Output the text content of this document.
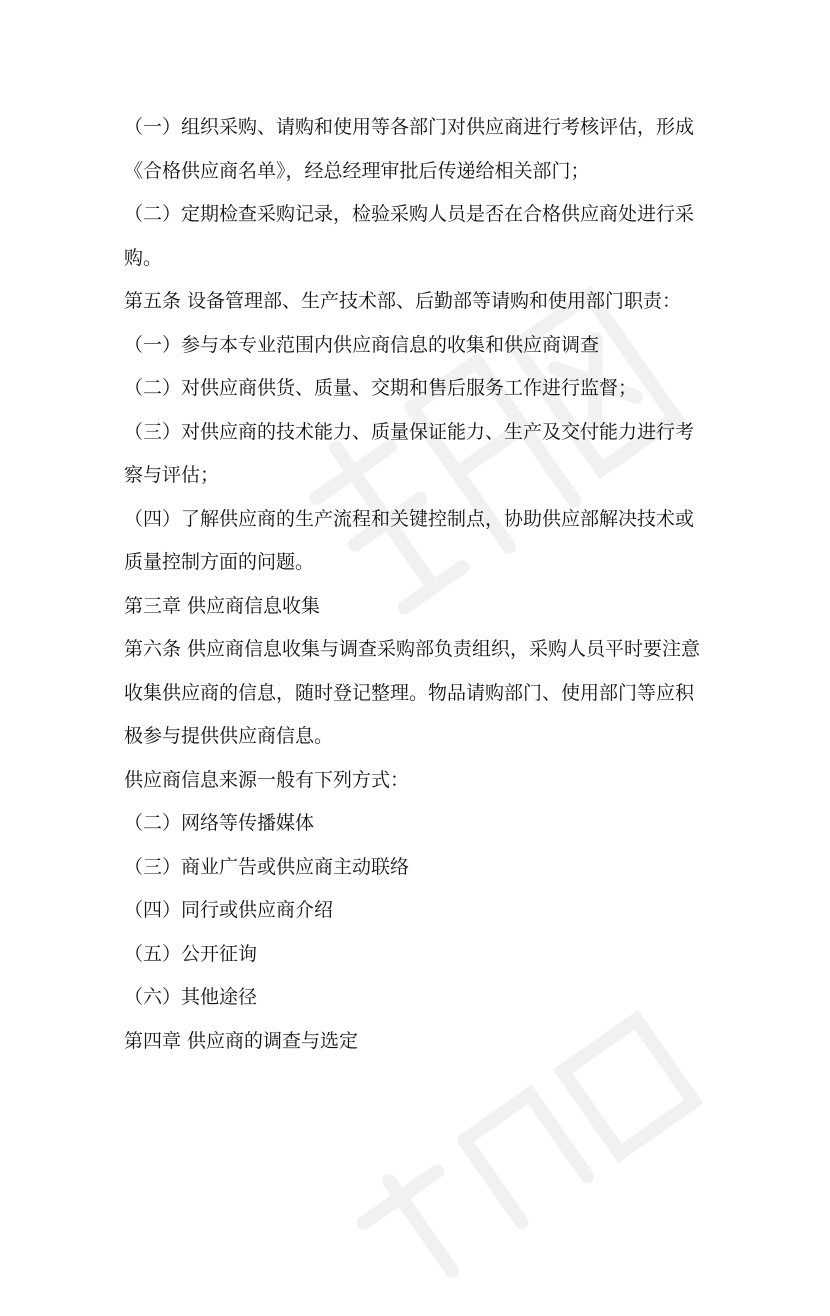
（一）组织采购、请购和使用等各部门对供应商进行考核评估，形成《合格供应商名单》，经总经理审批后传递给相关部门；

（二）定期检查采购记录，检验采购人员是否在合格供应商处进行采购。

第五条 设备管理部、生产技术部、后勤部等请购和使用部门职责：

（一）参与本专业范围内供应商信息的收集和供应商调查

（二）对供应商供货、质量、交期和售后服务工作进行监督；

（三）对供应商的技术能力、质量保证能力、生产及交付能力进行考察与评估；

（四）了解供应商的生产流程和关键控制点，协助供应部解决技术或质量控制方面的问题。

第三章 供应商信息收集

第六条 供应商信息收集与调查采购部负责组织，采购人员平时要注意收集供应商的信息，随时登记整理。物品请购部门、使用部门等应积极参与提供供应商信息。

供应商信息来源一般有下列方式：

（二）网络等传播媒体

（三）商业广告或供应商主动联络

（四）同行或供应商介绍

（五）公开征询

（六）其他途径

第四章 供应商的调查与选定
